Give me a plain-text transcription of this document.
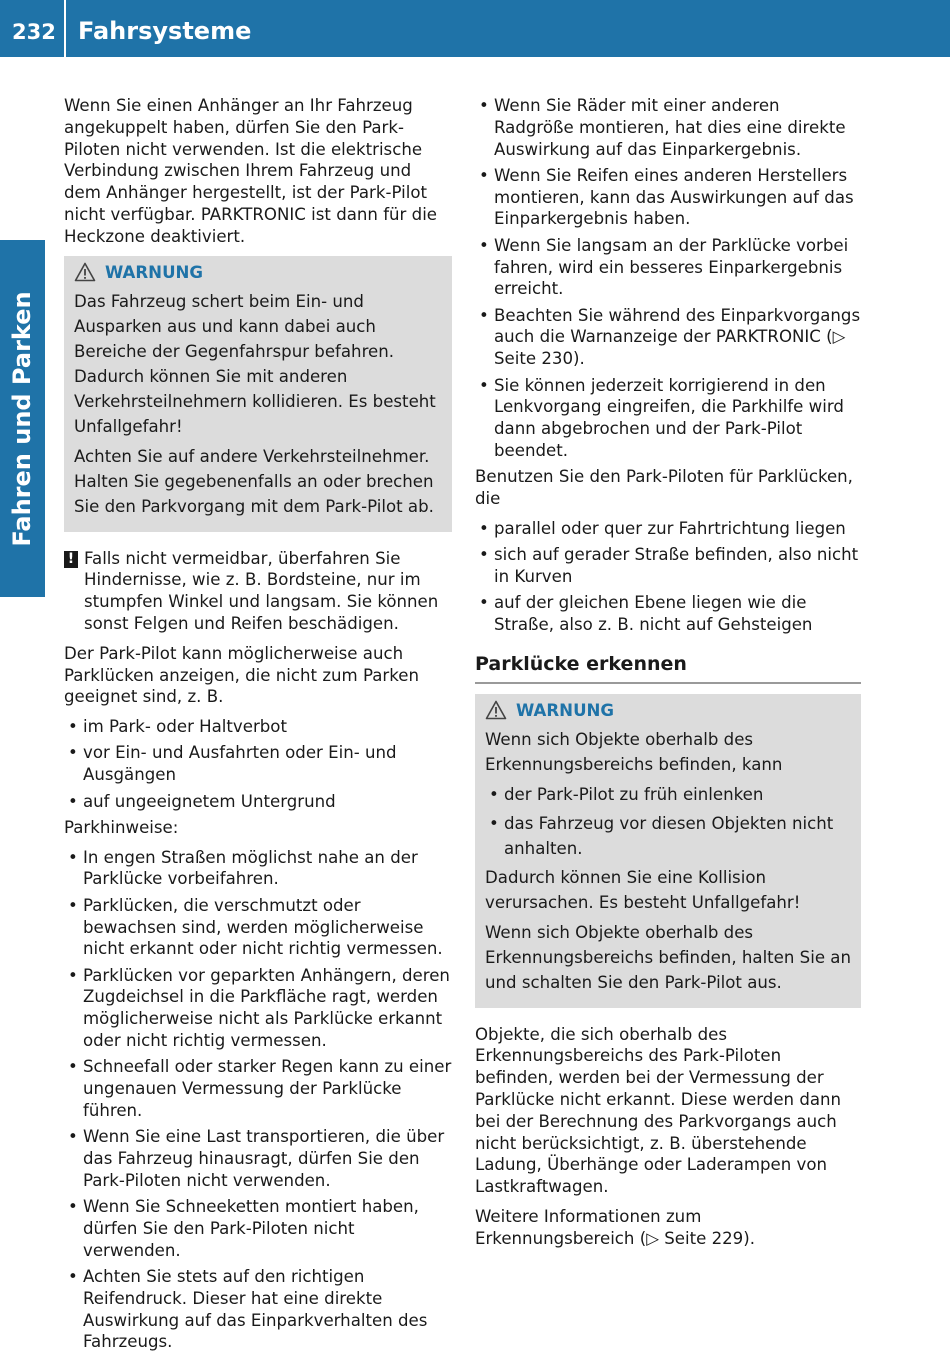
232 Fahrsysteme
Fahren und Parken

Wenn Sie einen Anhänger an Ihr Fahrzeug angekuppelt haben, dürfen Sie den Park-Piloten nicht verwenden. Ist die elektrische Verbindung zwischen Ihrem Fahrzeug und dem Anhänger hergestellt, ist der Park-Pilot nicht verfügbar. PARKTRONIC ist dann für die Heckzone deaktiviert.

WARNUNG

Das Fahrzeug schert beim Ein- und Ausparken aus und kann dabei auch Bereiche der Gegenfahrspur befahren. Dadurch können Sie mit anderen Verkehrsteilnehmern kollidieren. Es besteht Unfallgefahr!

Achten Sie auf andere Verkehrsteilnehmer. Halten Sie gegebenenfalls an oder brechen Sie den Parkvorgang mit dem Park-Pilot ab.

! Falls nicht vermeidbar, überfahren Sie Hindernisse, wie z. B. Bordsteine, nur im stumpfen Winkel und langsam. Sie können sonst Felgen und Reifen beschädigen.

Der Park-Pilot kann möglicherweise auch Parklücken anzeigen, die nicht zum Parken geeignet sind, z. B.

• im Park- oder Haltverbot
• vor Ein- und Ausfahrten oder Ein- und Ausgängen
• auf ungeeignetem Untergrund

Parkhinweise:

• In engen Straßen möglichst nahe an der Parklücke vorbeifahren.
• Parklücken, die verschmutzt oder bewachsen sind, werden möglicherweise nicht erkannt oder nicht richtig vermessen.
• Parklücken vor geparkten Anhängern, deren Zugdeichsel in die Parkfläche ragt, werden möglicherweise nicht als Parklücke erkannt oder nicht richtig vermessen.
• Schneefall oder starker Regen kann zu einer ungenauen Vermessung der Parklücke führen.
• Wenn Sie eine Last transportieren, die über das Fahrzeug hinausragt, dürfen Sie den Park-Piloten nicht verwenden.
• Wenn Sie Schneeketten montiert haben, dürfen Sie den Park-Piloten nicht verwenden.
• Achten Sie stets auf den richtigen Reifendruck. Dieser hat eine direkte Auswirkung auf das Einparkverhalten des Fahrzeugs.
• Wenn Sie Räder mit einer anderen Radgröße montieren, hat dies eine direkte Auswirkung auf das Einparkergebnis.
• Wenn Sie Reifen eines anderen Herstellers montieren, kann das Auswirkungen auf das Einparkergebnis haben.
• Wenn Sie langsam an der Parklücke vorbei fahren, wird ein besseres Einparkergebnis erreicht.
• Beachten Sie während des Einparkvorgangs auch die Warnanzeige der PARKTRONIC (▷ Seite 230).
• Sie können jederzeit korrigierend in den Lenkvorgang eingreifen, die Parkhilfe wird dann abgebrochen und der Park-Pilot beendet.

Benutzen Sie den Park-Piloten für Parklücken, die

• parallel oder quer zur Fahrtrichtung liegen
• sich auf gerader Straße befinden, also nicht in Kurven
• auf der gleichen Ebene liegen wie die Straße, also z. B. nicht auf Gehsteigen
Parklücke erkennen
WARNUNG

Wenn sich Objekte oberhalb des Erkennungsbereichs befinden, kann

• der Park-Pilot zu früh einlenken
• das Fahrzeug vor diesen Objekten nicht anhalten.

Dadurch können Sie eine Kollision verursachen. Es besteht Unfallgefahr!

Wenn sich Objekte oberhalb des Erkennungsbereichs befinden, halten Sie an und schalten Sie den Park-Pilot aus.

Objekte, die sich oberhalb des Erkennungsbereichs des Park-Piloten befinden, werden bei der Vermessung der Parklücke nicht erkannt. Diese werden dann bei der Berechnung des Parkvorgangs auch nicht berücksichtigt, z. B. überstehende Ladung, Überhänge oder Laderampen von Lastkraftwagen.

Weitere Informationen zum Erkennungsbereich (▷ Seite 229).
